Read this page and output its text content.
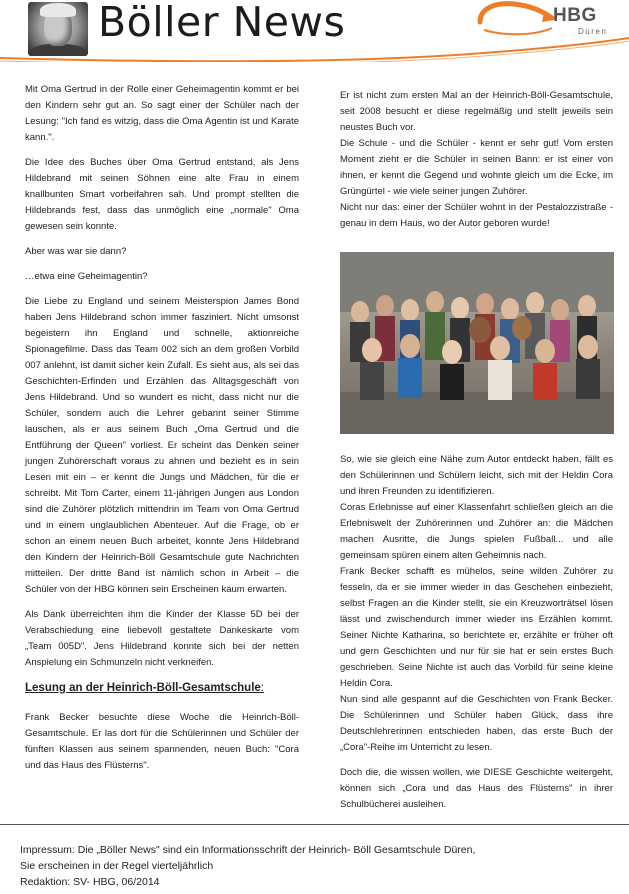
Böller News	HBG
Düren

Mit Oma Gertrud in der Rolle einer Geheimagentin kommt er bei den Kindern sehr gut an. So sagt einer der Schüler nach der Lesung: "Ich fand es witzig, dass die Oma Agentin ist und Karate kann.".

Die Idee des Buches über Oma Gertrud entstand, als Jens Hildebrand mit seinen Söhnen eine alte Frau in einem knallbunten Smart vorbeifahren sah. Und prompt stellten die Hildebrands fest, dass das unmöglich eine „normale" Oma gewesen sein konnte.

Aber was war sie dann?

…etwa eine Geheimagentin?

Die Liebe zu England und seinem Meisterspion James Bond haben Jens Hildebrand schon immer fasziniert. Nicht umsonst begeistern ihn England und schnelle, aktionreiche Spionagefilme. Dass das Team 002 sich an dem großen Vorbild 007 anlehnt, ist damit sicher kein Zufall. Es sieht aus, als sei das Geschichten-Erfinden und Erzählen das Alltagsgeschäft von Jens Hildebrand. Und so wundert es nicht, dass nicht nur die Schüler, sondern auch die Lehrer gebannt seiner Stimme lauschen, als er aus seinem Buch „Oma Gertrud und die Entführung der Queen" vorliest. Er scheint das Denken seiner jungen Zuhörerschaft voraus zu ahnen und bezieht es in sein Lesen mit ein – er kennt die Jungs und Mädchen, für die er schreibt. Mit Tom Carter, einem 11-jährigen Jungen aus London sind die Zuhörer plötzlich mittendrin im Team von Oma Gertrud und in einem unglaublichen Abenteuer. Auf die Frage, ob er schon an einem neuen Buch arbeitet, konnte Jens Hildebrand den Kindern der Heinrich-Böll Gesamtschule gute Nachrichten mitteilen. Der dritte Band ist nämlich schon in Arbeit – die Schüler von der HBG können sein Erscheinen kaum erwarten.

Als Dank überreichten ihm die Kinder der Klasse 5D bei der Verabschiedung eine liebevoll gestaltete Dankeskarte vom „Team 005D". Jens Hildebrand konnte sich bei der netten Anspielung ein Schmunzeln nicht verkneifen.

Lesung an der Heinrich-Böll-Gesamtschule:

Frank Becker besuchte diese Woche die Heinrich-Böll-Gesamtschule. Er las dort für die Schülerinnen und Schüler der fünften Klassen aus seinem spannenden, neuen Buch: "Cora und das Haus des Flüsterns".

Er ist nicht zum ersten Mal an der Heinrich-Böll-Gesamtschule, seit 2008 besucht er diese regelmäßig und stellt jeweils sein neustes Buch vor.

Die Schule - und die Schüler - kennt er sehr gut! Vom ersten Moment zieht er die Schüler in seinen Bann: er ist einer von ihnen, er kennt die Gegend und wohnte gleich um die Ecke, im Grüngürtel - wie viele seiner jungen Zuhörer.

Nicht nur das: einer der Schüler wohnt in der Pestalozzistraße - genau in dem Haus, wo der Autor geboren wurde!

So, wie sie gleich eine Nähe zum Autor entdeckt haben, fällt es den Schülerinnen und Schülern leicht, sich mit der Heldin Cora und ihren Freunden zu identifizieren.

Coras Erlebnisse auf einer Klassenfahrt schließen gleich an die Erlebniswelt der Zuhörerinnen und Zuhörer an: die Mädchen machen Ausritte, die Jungs spielen Fußball... und alle gemeinsam spüren einem alten Geheimnis nach.

Frank Becker schafft es mühelos, seine wilden Zuhörer zu fesseln, da er sie immer wieder in das Geschehen einbezieht, selbst Fragen an die Kinder stellt, sie ein Kreuzworträtsel lösen lässt und zwischendurch immer wieder ins Erzählen kommt. Seiner Nichte Katharina, so berichtete er, erzählte er früher oft und gern Geschichten und nur für sie hat er sein erstes Buch geschrieben. Seine Nichte ist auch das Vorbild für seine kleine Heldin Cora.

Nun sind alle gespannt auf die Geschichten von Frank Becker. Die Schülerinnen und Schüler haben Glück, dass ihre Deutschlehrerinnen entschieden haben, das erste Buch der „Cora"-Reihe im Unterricht zu lesen.

Doch die, die wissen wollen, wie DIESE Geschichte weitergeht, können sich „Cora und das Haus des Flüsterns" in ihrer Schulbücherei ausleihen.

Impressum: Die „Böller News" sind ein Informationsschrift der Heinrich- Böll Gesamtschule Düren,
Sie erscheinen in der Regel vierteljährlich
Redaktion: SV- HBG, 06/2014
